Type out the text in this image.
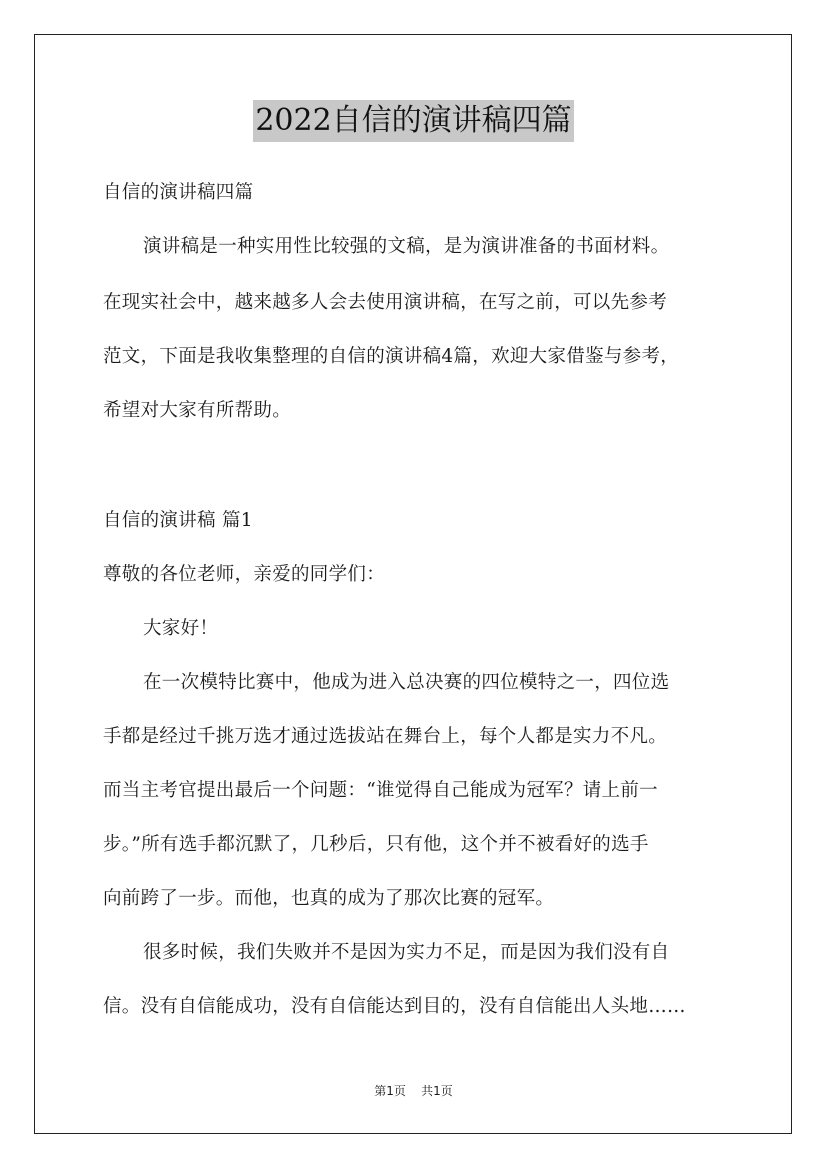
2022自信的演讲稿四篇
自信的演讲稿四篇
演讲稿是一种实用性比较强的文稿，是为演讲准备的书面材料。
在现实社会中，越来越多人会去使用演讲稿，在写之前，可以先参考
范文，下面是我收集整理的自信的演讲稿4篇，欢迎大家借鉴与参考，
希望对大家有所帮助。
自信的演讲稿 篇1
尊敬的各位老师，亲爱的同学们：
大家好！
在一次模特比赛中，他成为进入总决赛的四位模特之一，四位选
手都是经过千挑万选才通过选拔站在舞台上，每个人都是实力不凡。
而当主考官提出最后一个问题：“谁觉得自己能成为冠军？请上前一
步。”所有选手都沉默了，几秒后，只有他，这个并不被看好的选手
向前跨了一步。而他，也真的成为了那次比赛的冠军。
很多时候，我们失败并不是因为实力不足，而是因为我们没有自
信。没有自信能成功，没有自信能达到目的，没有自信能出人头地……
第1页 共1页
